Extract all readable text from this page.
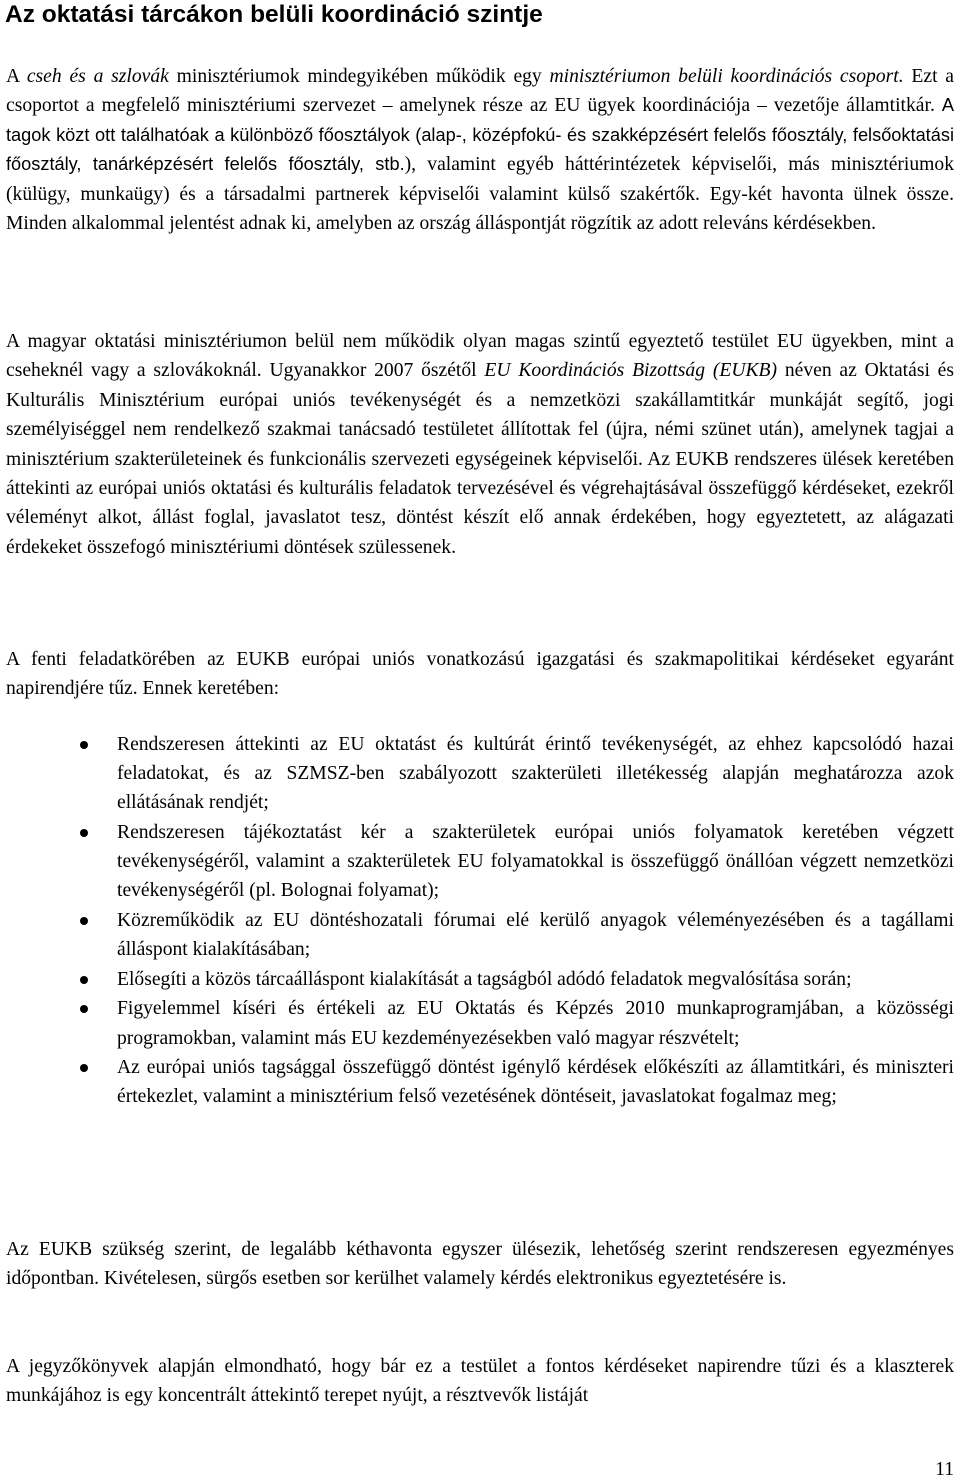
Az oktatási tárcákon belüli koordináció szintje

A cseh és a szlovák minisztériumok mindegyikében működik egy minisztériumon belüli koordinációs csoport. Ezt a csoportot a megfelelő minisztériumi szervezet – amelynek része az EU ügyek koordinációja – vezetője államtitkár. A tagok közt ott találhatóak a különböző főosztályok (alap-, középfokú- és szakképzésért felelős főosztály, felsőoktatási főosztály, tanárképzésért felelős főosztály, stb.), valamint egyéb háttérintézetek képviselői, más minisztériumok (külügy, munkaügy) és a társadalmi partnerek képviselői valamint külső szakértők. Egy-két havonta ülnek össze. Minden alkalommal jelentést adnak ki, amelyben az ország álláspontját rögzítik az adott releváns kérdésekben.

A magyar oktatási minisztériumon belül nem működik olyan magas szintű egyeztető testület EU ügyekben, mint a cseheknél vagy a szlovákoknál. Ugyanakkor 2007 őszétől EU Koordinációs Bizottság (EUKB) néven az Oktatási és Kulturális Minisztérium európai uniós tevékenységét és a nemzetközi szakállamtitkár munkáját segítő, jogi személyiséggel nem rendelkező szakmai tanácsadó testületet állítottak fel (újra, némi szünet után), amelynek tagjai a minisztérium szakterületeinek és funkcionális szervezeti egységeinek képviselői. Az EUKB rendszeres ülések keretében áttekinti az európai uniós oktatási és kulturális feladatok tervezésével és végrehajtásával összefüggő kérdéseket, ezekről véleményt alkot, állást foglal, javaslatot tesz, döntést készít elő annak érdekében, hogy egyeztetett, az alágazati érdekeket összefogó minisztériumi döntések szülessenek.

A fenti feladatkörében az EUKB európai uniós vonatkozású igazgatási és szakmapolitikai kérdéseket egyaránt napirendjére tűz. Ennek keretében:

Rendszeresen áttekinti az EU oktatást és kultúrát érintő tevékenységét, az ehhez kapcsolódó hazai feladatokat, és az SZMSZ-ben szabályozott szakterületi illetékesség alapján meghatározza azok ellátásának rendjét;
Rendszeresen tájékoztatást kér a szakterületek európai uniós folyamatok keretében végzett tevékenységéről, valamint a szakterületek EU folyamatokkal is összefüggő önállóan végzett nemzetközi tevékenységéről (pl. Bolognai folyamat);
Közreműködik az EU döntéshozatali fórumai elé kerülő anyagok véleményezésében és a tagállami álláspont kialakításában;
Elősegíti a közös tárcaálláspont kialakítását a tagságból adódó feladatok megvalósítása során;
Figyelemmel kíséri és értékeli az EU Oktatás és Képzés 2010 munkaprogramjában, a közösségi programokban, valamint más EU kezdeményezésekben való magyar részvételt;
Az európai uniós tagsággal összefüggő döntést igénylő kérdések előkészíti az államtitkári, és miniszteri értekezlet, valamint a minisztérium felső vezetésének döntéseit, javaslatokat fogalmaz meg;

Az EUKB szükség szerint, de legalább kéthavonta egyszer ülésezik, lehetőség szerint rendszeresen egyezményes időpontban. Kivételesen, sürgős esetben sor kerülhet valamely kérdés elektronikus egyeztetésére is.

A jegyzőkönyvek alapján elmondható, hogy bár ez a testület a fontos kérdéseket napirendre tűzi és a klaszterek munkájához is egy koncentrált áttekintő terepet nyújt, a résztvevők listáját

11
